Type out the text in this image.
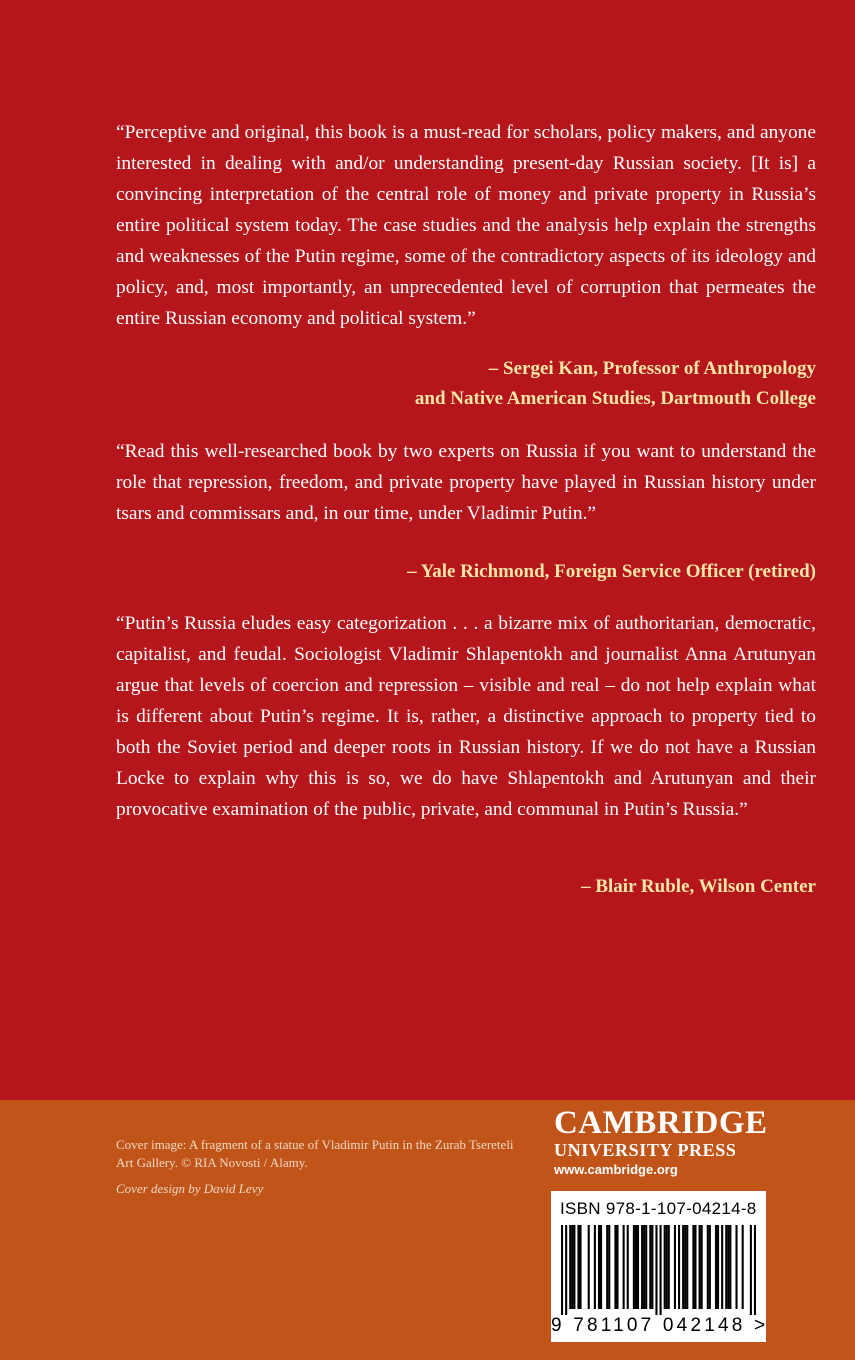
“Perceptive and original, this book is a must-read for scholars, policy makers, and anyone interested in dealing with and/or understanding present-day Russian society. [It is] a convincing interpretation of the central role of money and private property in Russia’s entire political system today. The case studies and the analysis help explain the strengths and weaknesses of the Putin regime, some of the contradictory aspects of its ideology and policy, and, most importantly, an unprecedented level of corruption that permeates the entire Russian economy and political system.”

– Sergei Kan, Professor of Anthropology

and Native American Studies, Dartmouth College

“Read this well-researched book by two experts on Russia if you want to understand the role that repression, freedom, and private property have played in Russian history under tsars and commissars and, in our time, under Vladimir Putin.”

– Yale Richmond, Foreign Service Officer (retired)

“Putin’s Russia eludes easy categorization . . . a bizarre mix of authoritarian, democratic, capitalist, and feudal. Sociologist Vladimir Shlapentokh and journalist Anna Arutunyan argue that levels of coercion and repression – visible and real – do not help explain what is different about Putin’s regime. It is, rather, a distinctive approach to property tied to both the Soviet period and deeper roots in Russian history. If we do not have a Russian Locke to explain why this is so, we do have Shlapentokh and Arutunyan and their provocative examination of the public, private, and communal in Putin’s Russia.”

– Blair Ruble, Wilson Center

Cover image: A fragment of a statue of Vladimir Putin in the Zurab Tsereteli Art Gallery. © RIA Novosti / Alamy.

Cover design by David Levy

CAMBRIDGE
UNIVERSITY PRESS
www.cambridge.org
ISBN 978-1-107-04214-8
9 781107 042148 >
